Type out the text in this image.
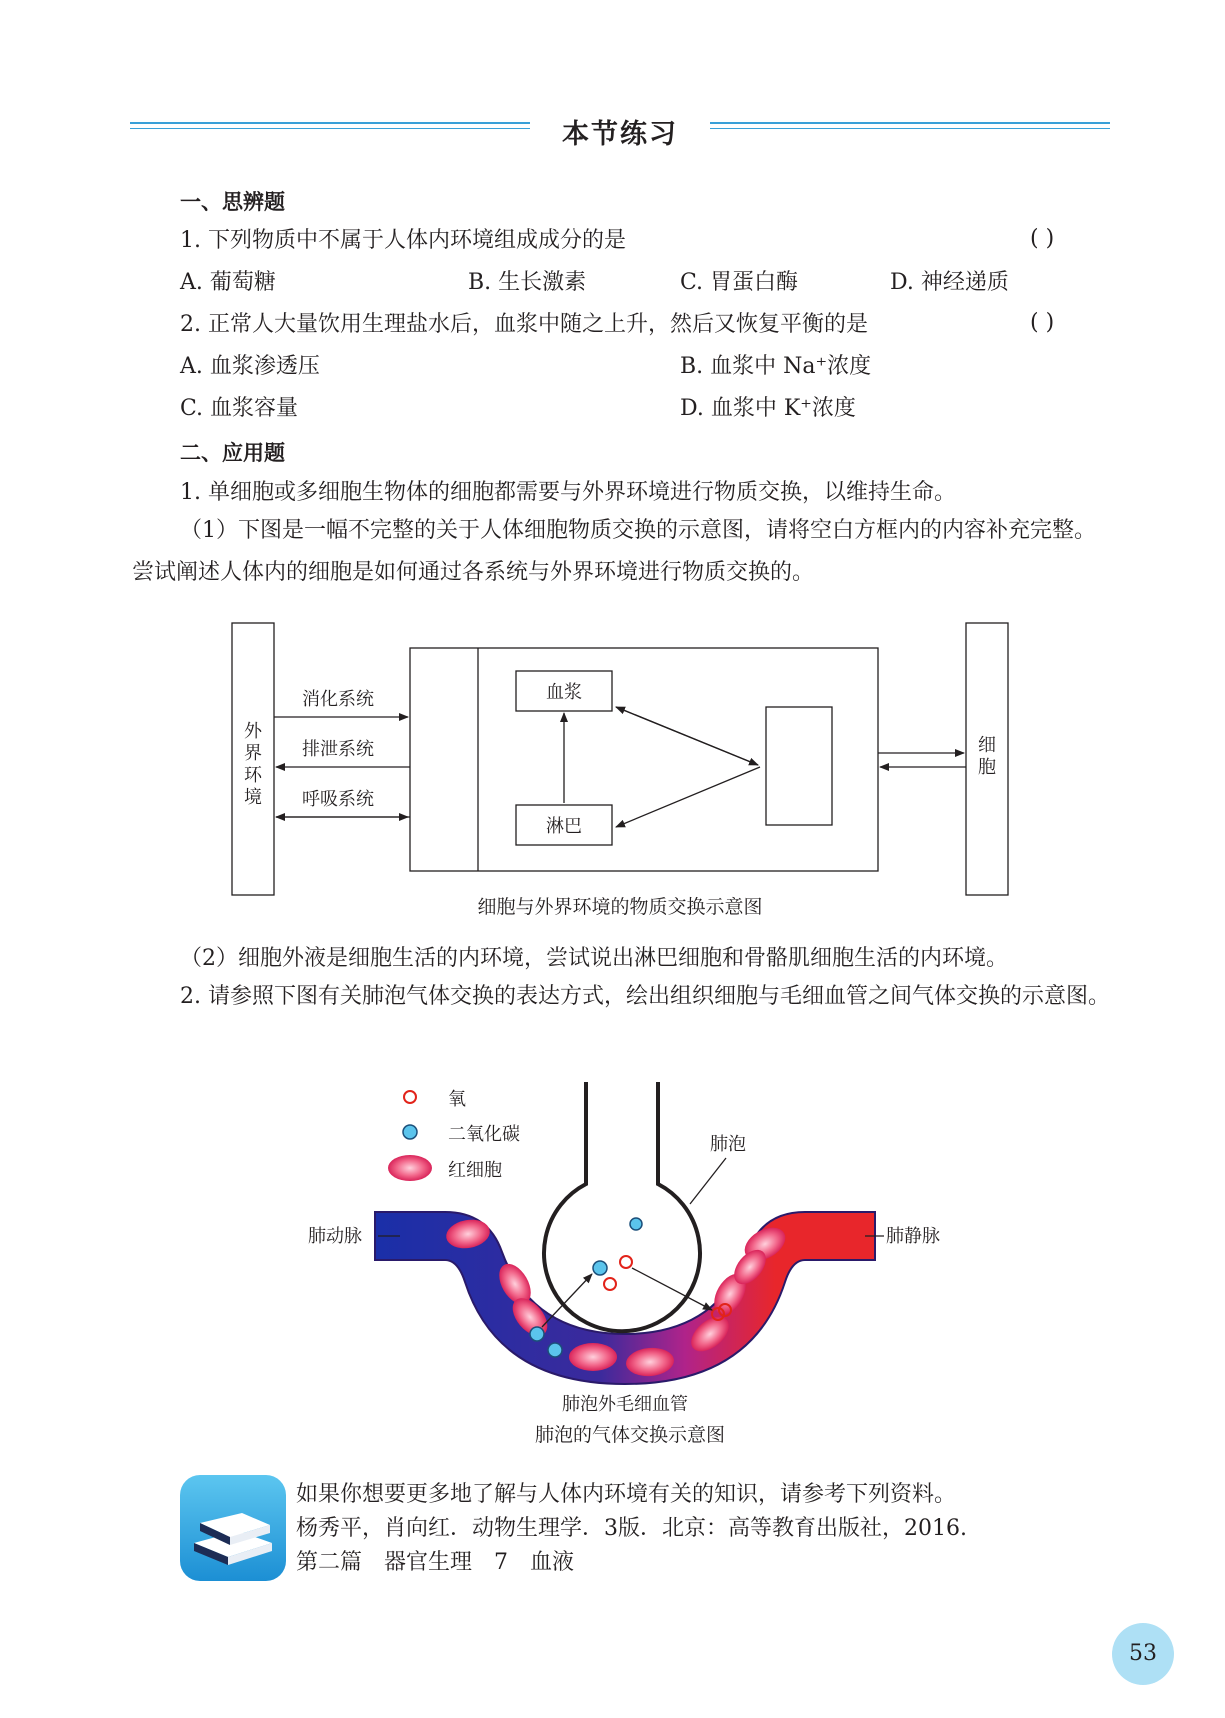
本节练习
一、思辨题
1. 下列物质中不属于人体内环境组成成分的是	( )
A. 葡萄糖	B. 生长激素	C. 胃蛋白酶	D. 神经递质
2. 正常人大量饮用生理盐水后，血浆中随之上升，然后又恢复平衡的是	( )
A. 血浆渗透压	B. 血浆中 Na⁺浓度
C. 血浆容量	D. 血浆中 K⁺浓度
二、应用题
1. 单细胞或多细胞生物体的细胞都需要与外界环境进行物质交换，以维持生命。
（1）下图是一幅不完整的关于人体细胞物质交换的示意图，请将空白方框内的内容补充完整。尝试阐述人体内的细胞是如何通过各系统与外界环境进行物质交换的。
外
界
环
境
消化系统
排泄系统
呼吸系统
血浆
淋巴
细
胞
细胞与外界环境的物质交换示意图
（2）细胞外液是细胞生活的内环境，尝试说出淋巴细胞和骨骼肌细胞生活的内环境。
2. 请参照下图有关肺泡气体交换的表达方式，绘出组织细胞与毛细血管之间气体交换的示意图。
氧
二氧化碳
红细胞
肺泡
肺动脉	肺静脉
肺泡外毛细血管
肺泡的气体交换示意图
如果你想要更多地了解与人体内环境有关的知识，请参考下列资料。
杨秀平，肖向红．动物生理学．3版．北京：高等教育出版社，2016.
第二篇　器官生理　7　血液
53
